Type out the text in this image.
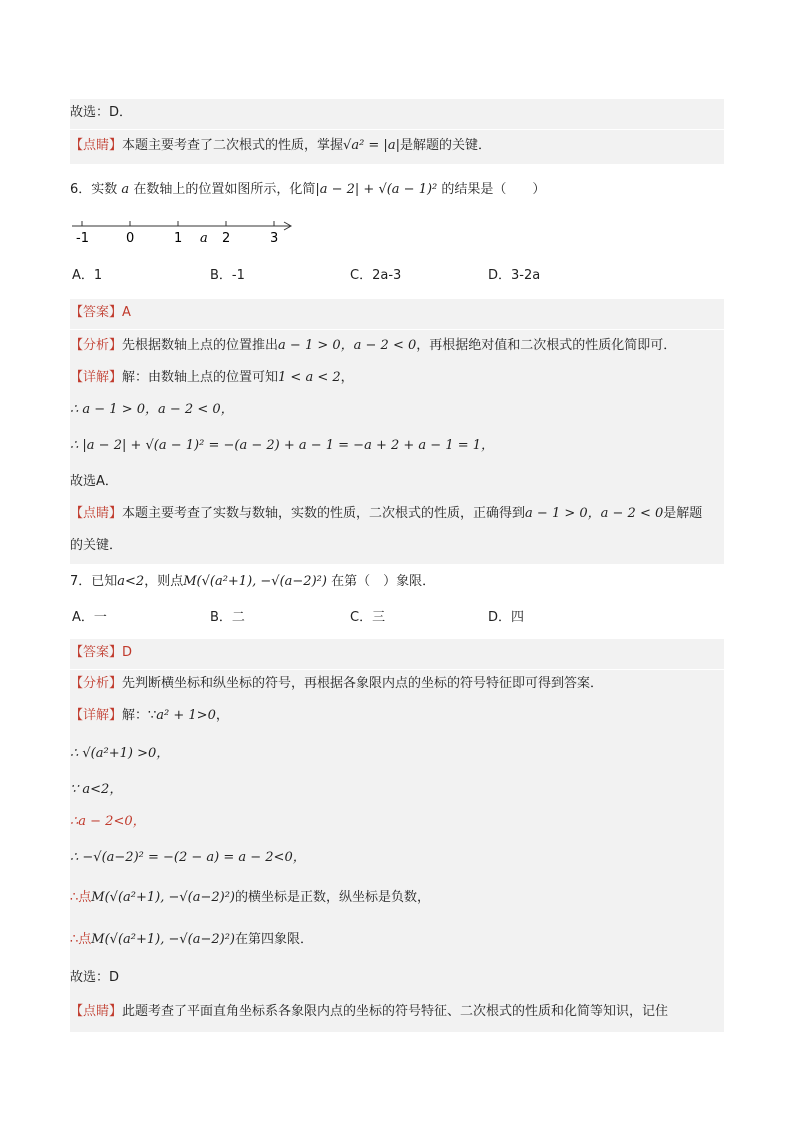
故选：D．
【点睛】本题主要考查了二次根式的性质，掌握√a² = |a|是解题的关键．
6．实数 a 在数轴上的位置如图所示，化简|a − 2| + √(a − 1)² 的结果是（　　）
-1	0	1 a 2	3
A．1	B．-1	C．2a-3	D．3-2a
【答案】A
【分析】先根据数轴上点的位置推出a − 1 > 0，a − 2 < 0，再根据绝对值和二次根式的性质化简即可．
【详解】解：由数轴上点的位置可知1 < a < 2，
∴ a − 1 > 0，a − 2 < 0，
∴ |a − 2| + √(a − 1)² = −(a − 2) + a − 1 = −a + 2 + a − 1 = 1，
故选A．
【点睛】本题主要考查了实数与数轴，实数的性质，二次根式的性质，正确得到a − 1 > 0，a − 2 < 0是解题
的关键．
7．已知a<2，则点M(√(a²+1), −√(a−2)²) 在第（　）象限．
A．一	B．二	C．三	D．四
【答案】D
【分析】先判断横坐标和纵坐标的符号，再根据各象限内点的坐标的符号特征即可得到答案．
【详解】解：∵a² + 1>0，
∴ √(a²+1) >0，
∵ a<2，
∴a − 2<0，
∴ −√(a−2)² = −(2 − a) = a − 2<0，
∴点M(√(a²+1), −√(a−2)²)的横坐标是正数，纵坐标是负数，
∴点M(√(a²+1), −√(a−2)²)在第四象限．
故选：D
【点睛】此题考查了平面直角坐标系各象限内点的坐标的符号特征、二次根式的性质和化简等知识，记住
